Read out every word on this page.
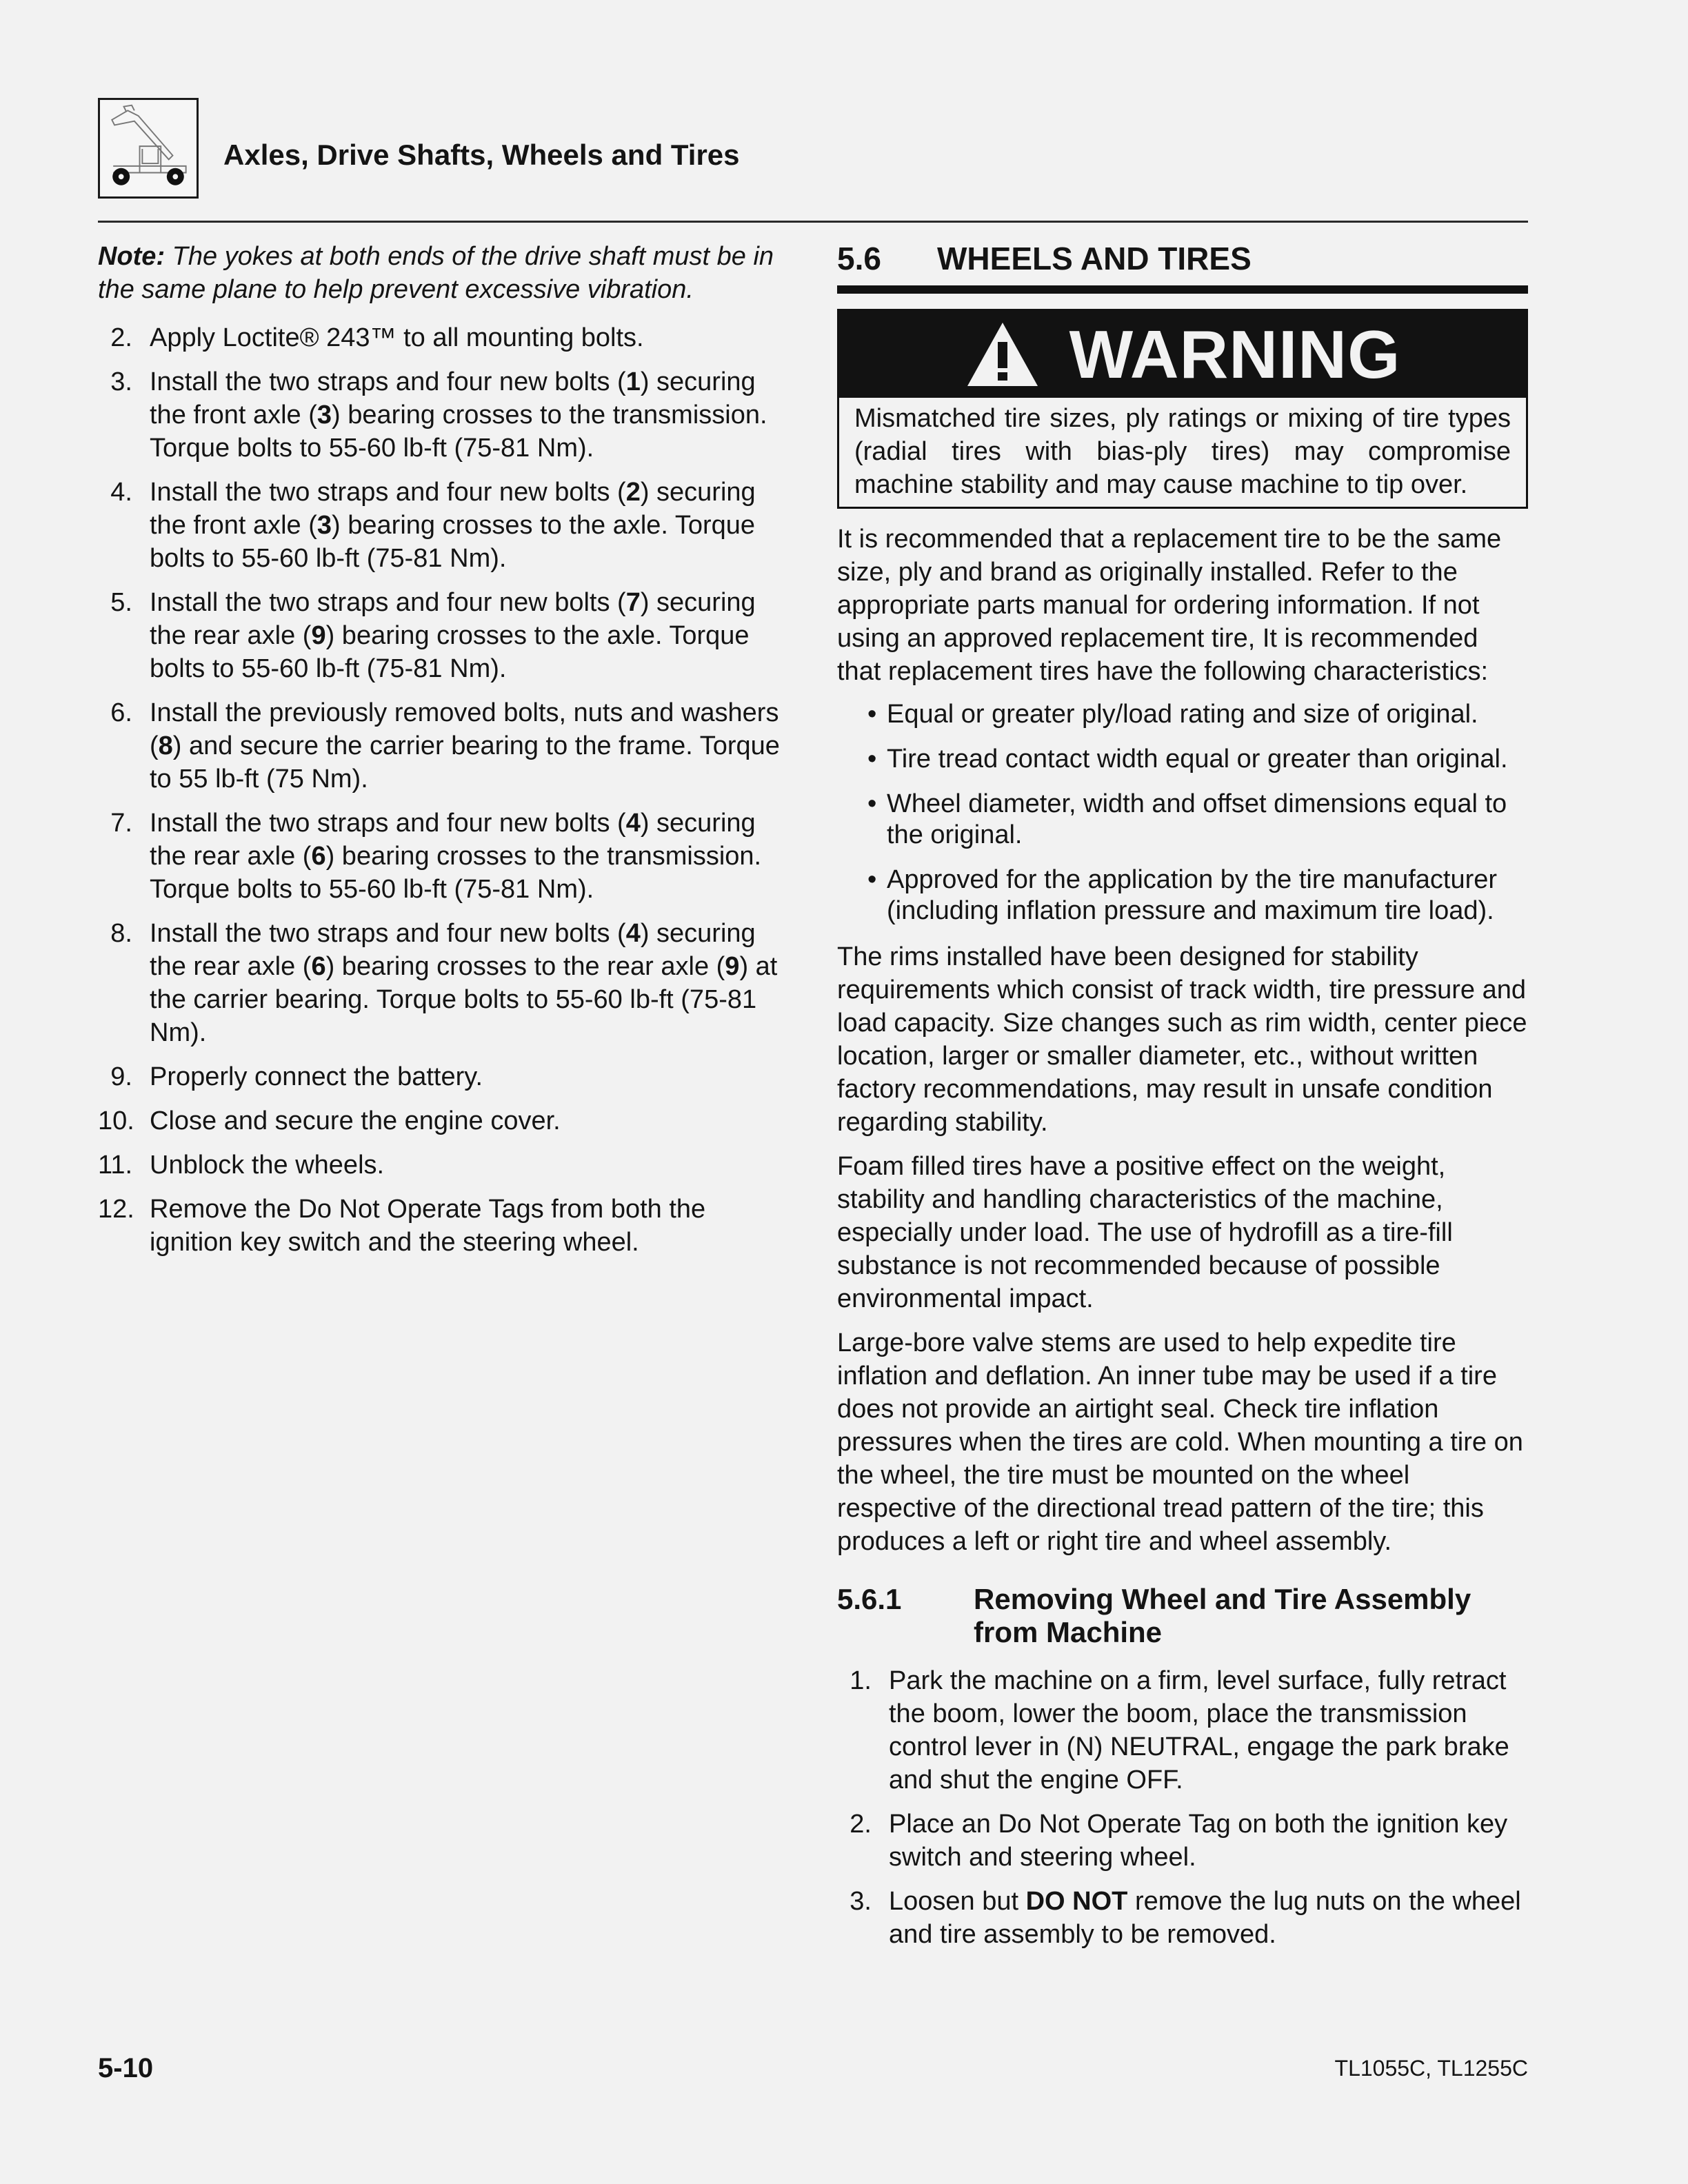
Axles, Drive Shafts, Wheels and Tires
Note: The yokes at both ends of the drive shaft must be in the same plane to help prevent excessive vibration.
2. Apply Loctite® 243™ to all mounting bolts.
3. Install the two straps and four new bolts (1) securing the front axle (3) bearing crosses to the transmission. Torque bolts to 55-60 lb-ft (75-81 Nm).
4. Install the two straps and four new bolts (2) securing the front axle (3) bearing crosses to the axle. Torque bolts to 55-60 lb-ft (75-81 Nm).
5. Install the two straps and four new bolts (7) securing the rear axle (9) bearing crosses to the axle. Torque bolts to 55-60 lb-ft (75-81 Nm).
6. Install the previously removed bolts, nuts and washers (8) and secure the carrier bearing to the frame. Torque to 55 lb-ft (75 Nm).
7. Install the two straps and four new bolts (4) securing the rear axle (6) bearing crosses to the transmission. Torque bolts to 55-60 lb-ft (75-81 Nm).
8. Install the two straps and four new bolts (4) securing the rear axle (6) bearing crosses to the rear axle (9) at the carrier bearing. Torque bolts to 55-60 lb-ft (75-81 Nm).
9. Properly connect the battery.
10. Close and secure the engine cover.
11. Unblock the wheels.
12. Remove the Do Not Operate Tags from both the ignition key switch and the steering wheel.
5.6	WHEELS AND TIRES
WARNING
Mismatched tire sizes, ply ratings or mixing of tire types (radial tires with bias-ply tires) may compromise machine stability and may cause machine to tip over.

It is recommended that a replacement tire to be the same size, ply and brand as originally installed. Refer to the appropriate parts manual for ordering information. If not using an approved replacement tire, It is recommended that replacement tires have the following characteristics:

• Equal or greater ply/load rating and size of original.
• Tire tread contact width equal or greater than original.
• Wheel diameter, width and offset dimensions equal to the original.
• Approved for the application by the tire manufacturer (including inflation pressure and maximum tire load).

The rims installed have been designed for stability requirements which consist of track width, tire pressure and load capacity. Size changes such as rim width, center piece location, larger or smaller diameter, etc., without written factory recommendations, may result in unsafe condition regarding stability.

Foam filled tires have a positive effect on the weight, stability and handling characteristics of the machine, especially under load. The use of hydrofill as a tire-fill substance is not recommended because of possible environmental impact.

Large-bore valve stems are used to help expedite tire inflation and deflation. An inner tube may be used if a tire does not provide an airtight seal. Check tire inflation pressures when the tires are cold. When mounting a tire on the wheel, the tire must be mounted on the wheel respective of the directional tread pattern of the tire; this produces a left or right tire and wheel assembly.

5.6.1	Removing Wheel and Tire Assembly from Machine
1. Park the machine on a firm, level surface, fully retract the boom, lower the boom, place the transmission control lever in (N) NEUTRAL, engage the park brake and shut the engine OFF.
2. Place an Do Not Operate Tag on both the ignition key switch and steering wheel.
3. Loosen but DO NOT remove the lug nuts on the wheel and tire assembly to be removed.
5-10	TL1055C, TL1255C
